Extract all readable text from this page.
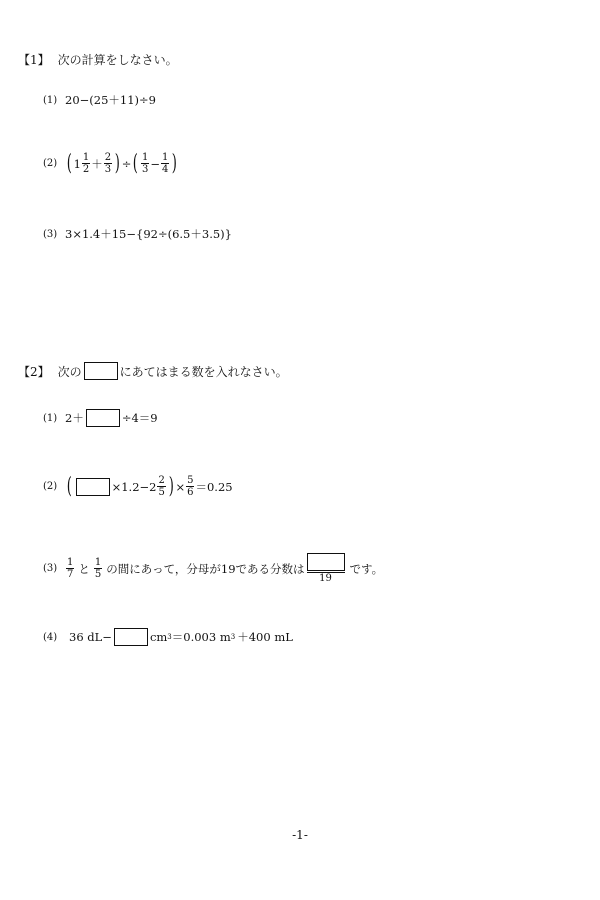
【1】 次の計算をしなさい。
(1) 20−(25＋11)÷9
(2) ( $1 \frac{1}{2} + \frac{2}{3}$ ) ÷ ( $\frac{1}{3} - \frac{1}{4}$ )
(3) 3×1.4＋15−{92÷(6.5＋3.5)}
【2】 次の	にあてはまる数を入れなさい。
(1) 2＋	÷4＝9
(2) (	$\times 1.2-2 \frac{2}{5}$ ) × $\frac{5}{6} =0.25$
$(3) \frac{1}{7}$ と $\frac{1}{5}$ の間にあって，分母が19である分数は
19
です。
(4)	36 dL−	cm 3 ＝0.003 m 3 ＋400 mL
-1-
